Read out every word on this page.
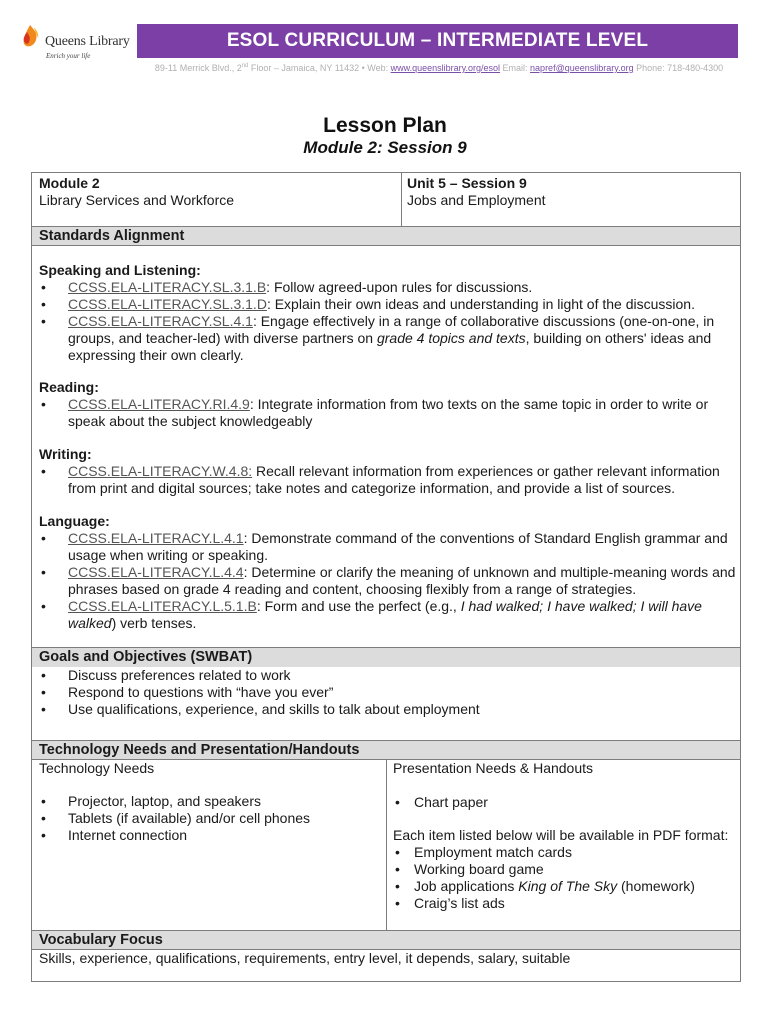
Queens Library
Enrich your life
ESOL CURRICULUM – INTERMEDIATE LEVEL
89-11 Merrick Blvd., 2nd Floor – Jamaica, NY 11432 • Web: www.queenslibrary.org/esol Email: napref@queenslibrary.org Phone: 718-480-4300
Lesson Plan
Module 2: Session 9
Module 2
Library Services and Workforce
Unit 5 – Session 9
Jobs and Employment
Standards Alignment
Speaking and Listening:
• CCSS.ELA-LITERACY.SL.3.1.B: Follow agreed-upon rules for discussions.
• CCSS.ELA-LITERACY.SL.3.1.D: Explain their own ideas and understanding in light of the discussion.
• CCSS.ELA-LITERACY.SL.4.1: Engage effectively in a range of collaborative discussions (one-on-one, in groups, and teacher-led) with diverse partners on grade 4 topics and texts, building on others' ideas and expressing their own clearly.
Reading:
• CCSS.ELA-LITERACY.RI.4.9: Integrate information from two texts on the same topic in order to write or speak about the subject knowledgeably
Writing:
• CCSS.ELA-LITERACY.W.4.8: Recall relevant information from experiences or gather relevant information from print and digital sources; take notes and categorize information, and provide a list of sources.
Language:
• CCSS.ELA-LITERACY.L.4.1: Demonstrate command of the conventions of Standard English grammar and usage when writing or speaking.
• CCSS.ELA-LITERACY.L.4.4: Determine or clarify the meaning of unknown and multiple-meaning words and phrases based on grade 4 reading and content, choosing flexibly from a range of strategies.
• CCSS.ELA-LITERACY.L.5.1.B: Form and use the perfect (e.g., I had walked; I have walked; I will have walked) verb tenses.
Goals and Objectives (SWBAT)
• Discuss preferences related to work
• Respond to questions with “have you ever”
• Use qualifications, experience, and skills to talk about employment
Technology Needs and Presentation/Handouts
Technology Needs
• Projector, laptop, and speakers
• Tablets (if available) and/or cell phones
• Internet connection
Presentation Needs & Handouts
• Chart paper
Each item listed below will be available in PDF format:
• Employment match cards
• Working board game
• Job applications King of The Sky (homework)
• Craig’s list ads
Vocabulary Focus
Skills, experience, qualifications, requirements, entry level, it depends, salary, suitable
